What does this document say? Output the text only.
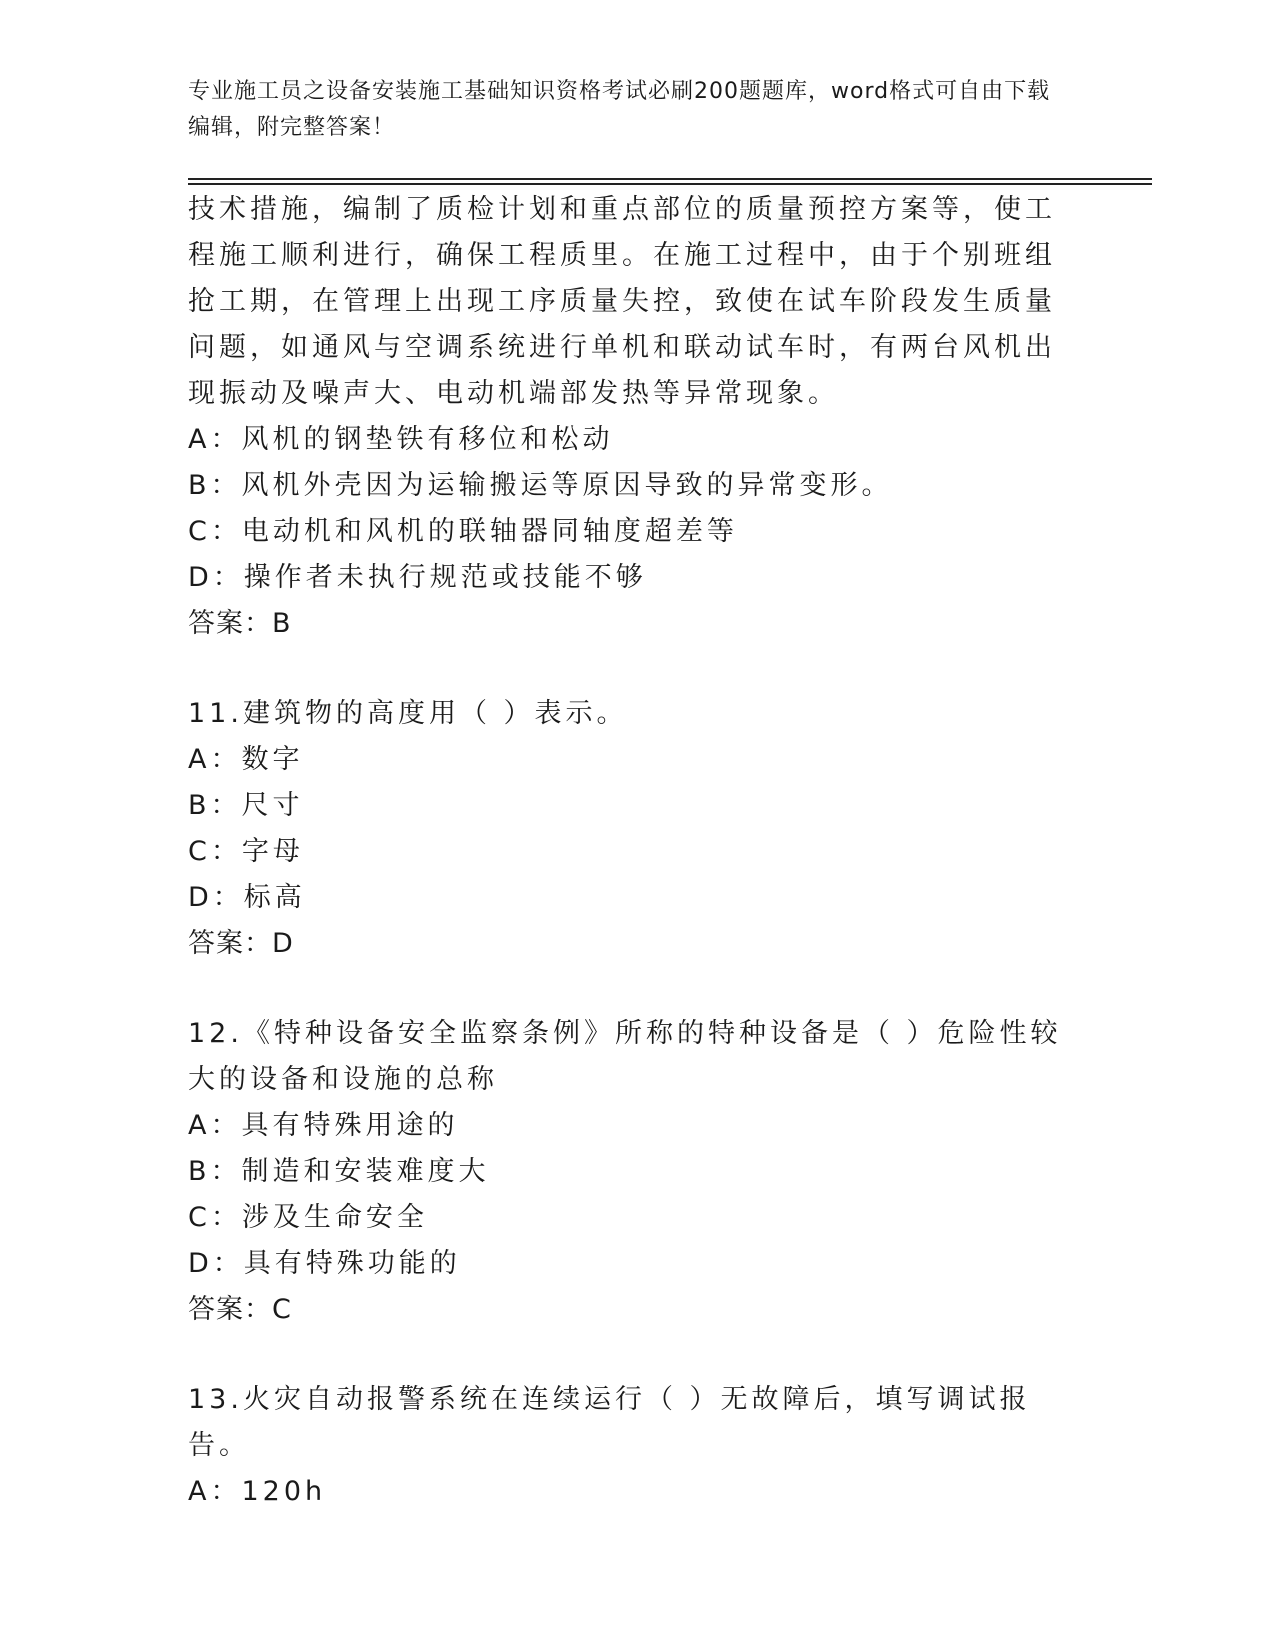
专业施工员之设备安装施工基础知识资格考试必刷200题题库，word格式可自由下载编辑，附完整答案！
技术措施，编制了质检计划和重点部位的质量预控方案等，使工程施工顺利进行，确保工程质里。在施工过程中，由于个别班组抢工期，在管理上出现工序质量失控，致使在试车阶段发生质量问题，如通风与空调系统进行单机和联动试车时，有两台风机出现振动及噪声大、电动机端部发热等异常现象。
A：风机的钢垫铁有移位和松动
B：风机外壳因为运输搬运等原因导致的异常变形。
C：电动机和风机的联轴器同轴度超差等
D：操作者未执行规范或技能不够
答案：B
11.建筑物的高度用（ ）表示。
A：数字
B：尺寸
C：字母
D：标高
答案：D
12.《特种设备安全监察条例》所称的特种设备是（ ）危险性较大的设备和设施的总称
A：具有特殊用途的
B：制造和安装难度大
C：涉及生命安全
D：具有特殊功能的
答案：C
13.火灾自动报警系统在连续运行（ ）无故障后，填写调试报告。
A：120h
